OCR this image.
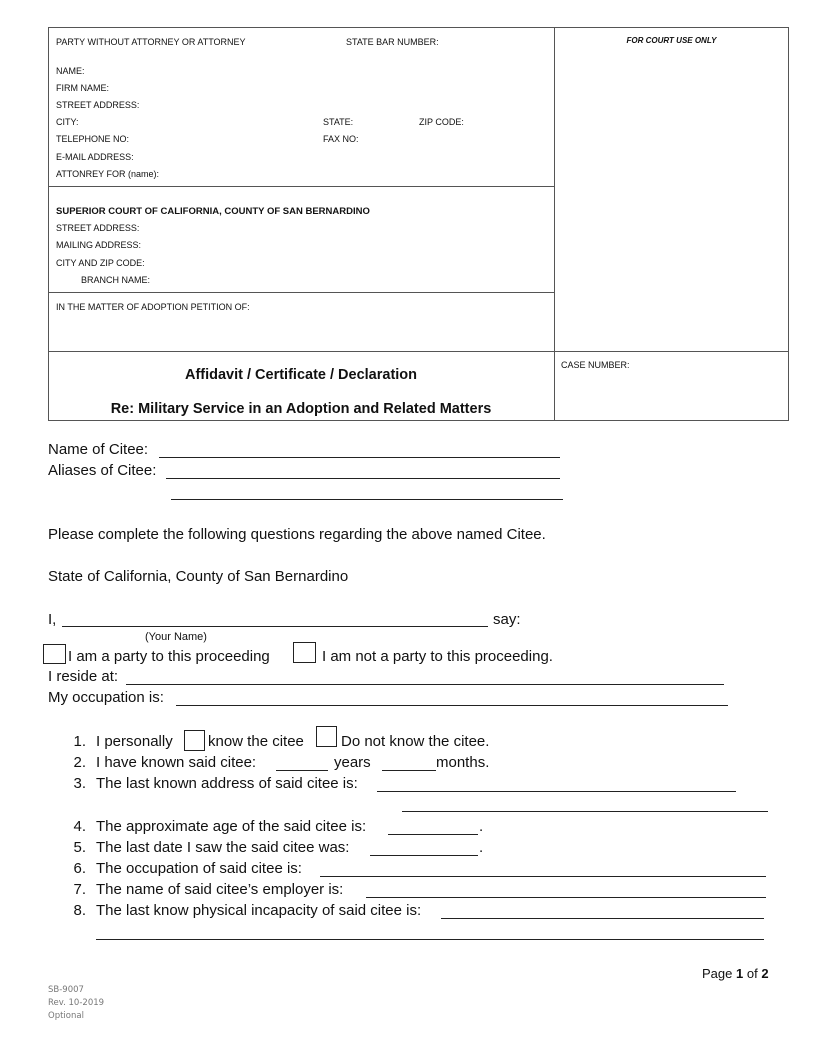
PARTY WITHOUT ATTORNEY OR ATTORNEY	STATE BAR NUMBER:
NAME:
FIRM NAME:
STREET ADDRESS:
CITY:	STATE:	ZIP CODE:
TELEPHONE NO:	FAX NO:
E-MAIL ADDRESS:
ATTONREY FOR (name):
SUPERIOR COURT OF CALIFORNIA, COUNTY OF SAN BERNARDINO
STREET ADDRESS:
MAILING ADDRESS:
CITY AND ZIP CODE:
BRANCH NAME:
IN THE MATTER OF ADOPTION PETITION OF:
FOR COURT USE ONLY
CASE NUMBER:
Affidavit / Certificate / Declaration
Re: Military Service in an Adoption and Related Matters
Name of Citee:
Aliases of Citee:
Please complete the following questions regarding the above named Citee.
State of California, County of San Bernardino
I,	say:
(Your Name)
I am a party to this proceeding	I am not a party to this proceeding.
I reside at:
My occupation is:
1. I personally know the citee Do not know the citee.
2. I have known said citee:	years	months.
3. The last known address of said citee is:
4. The approximate age of the said citee is:	.
5. The last date I saw the said citee was:	.
6. The occupation of said citee is:
7. The name of said citee’s employer is:
8. The last know physical incapacity of said citee is:
Page 1 of 2
SB-9007
Rev. 10-2019
Optional
